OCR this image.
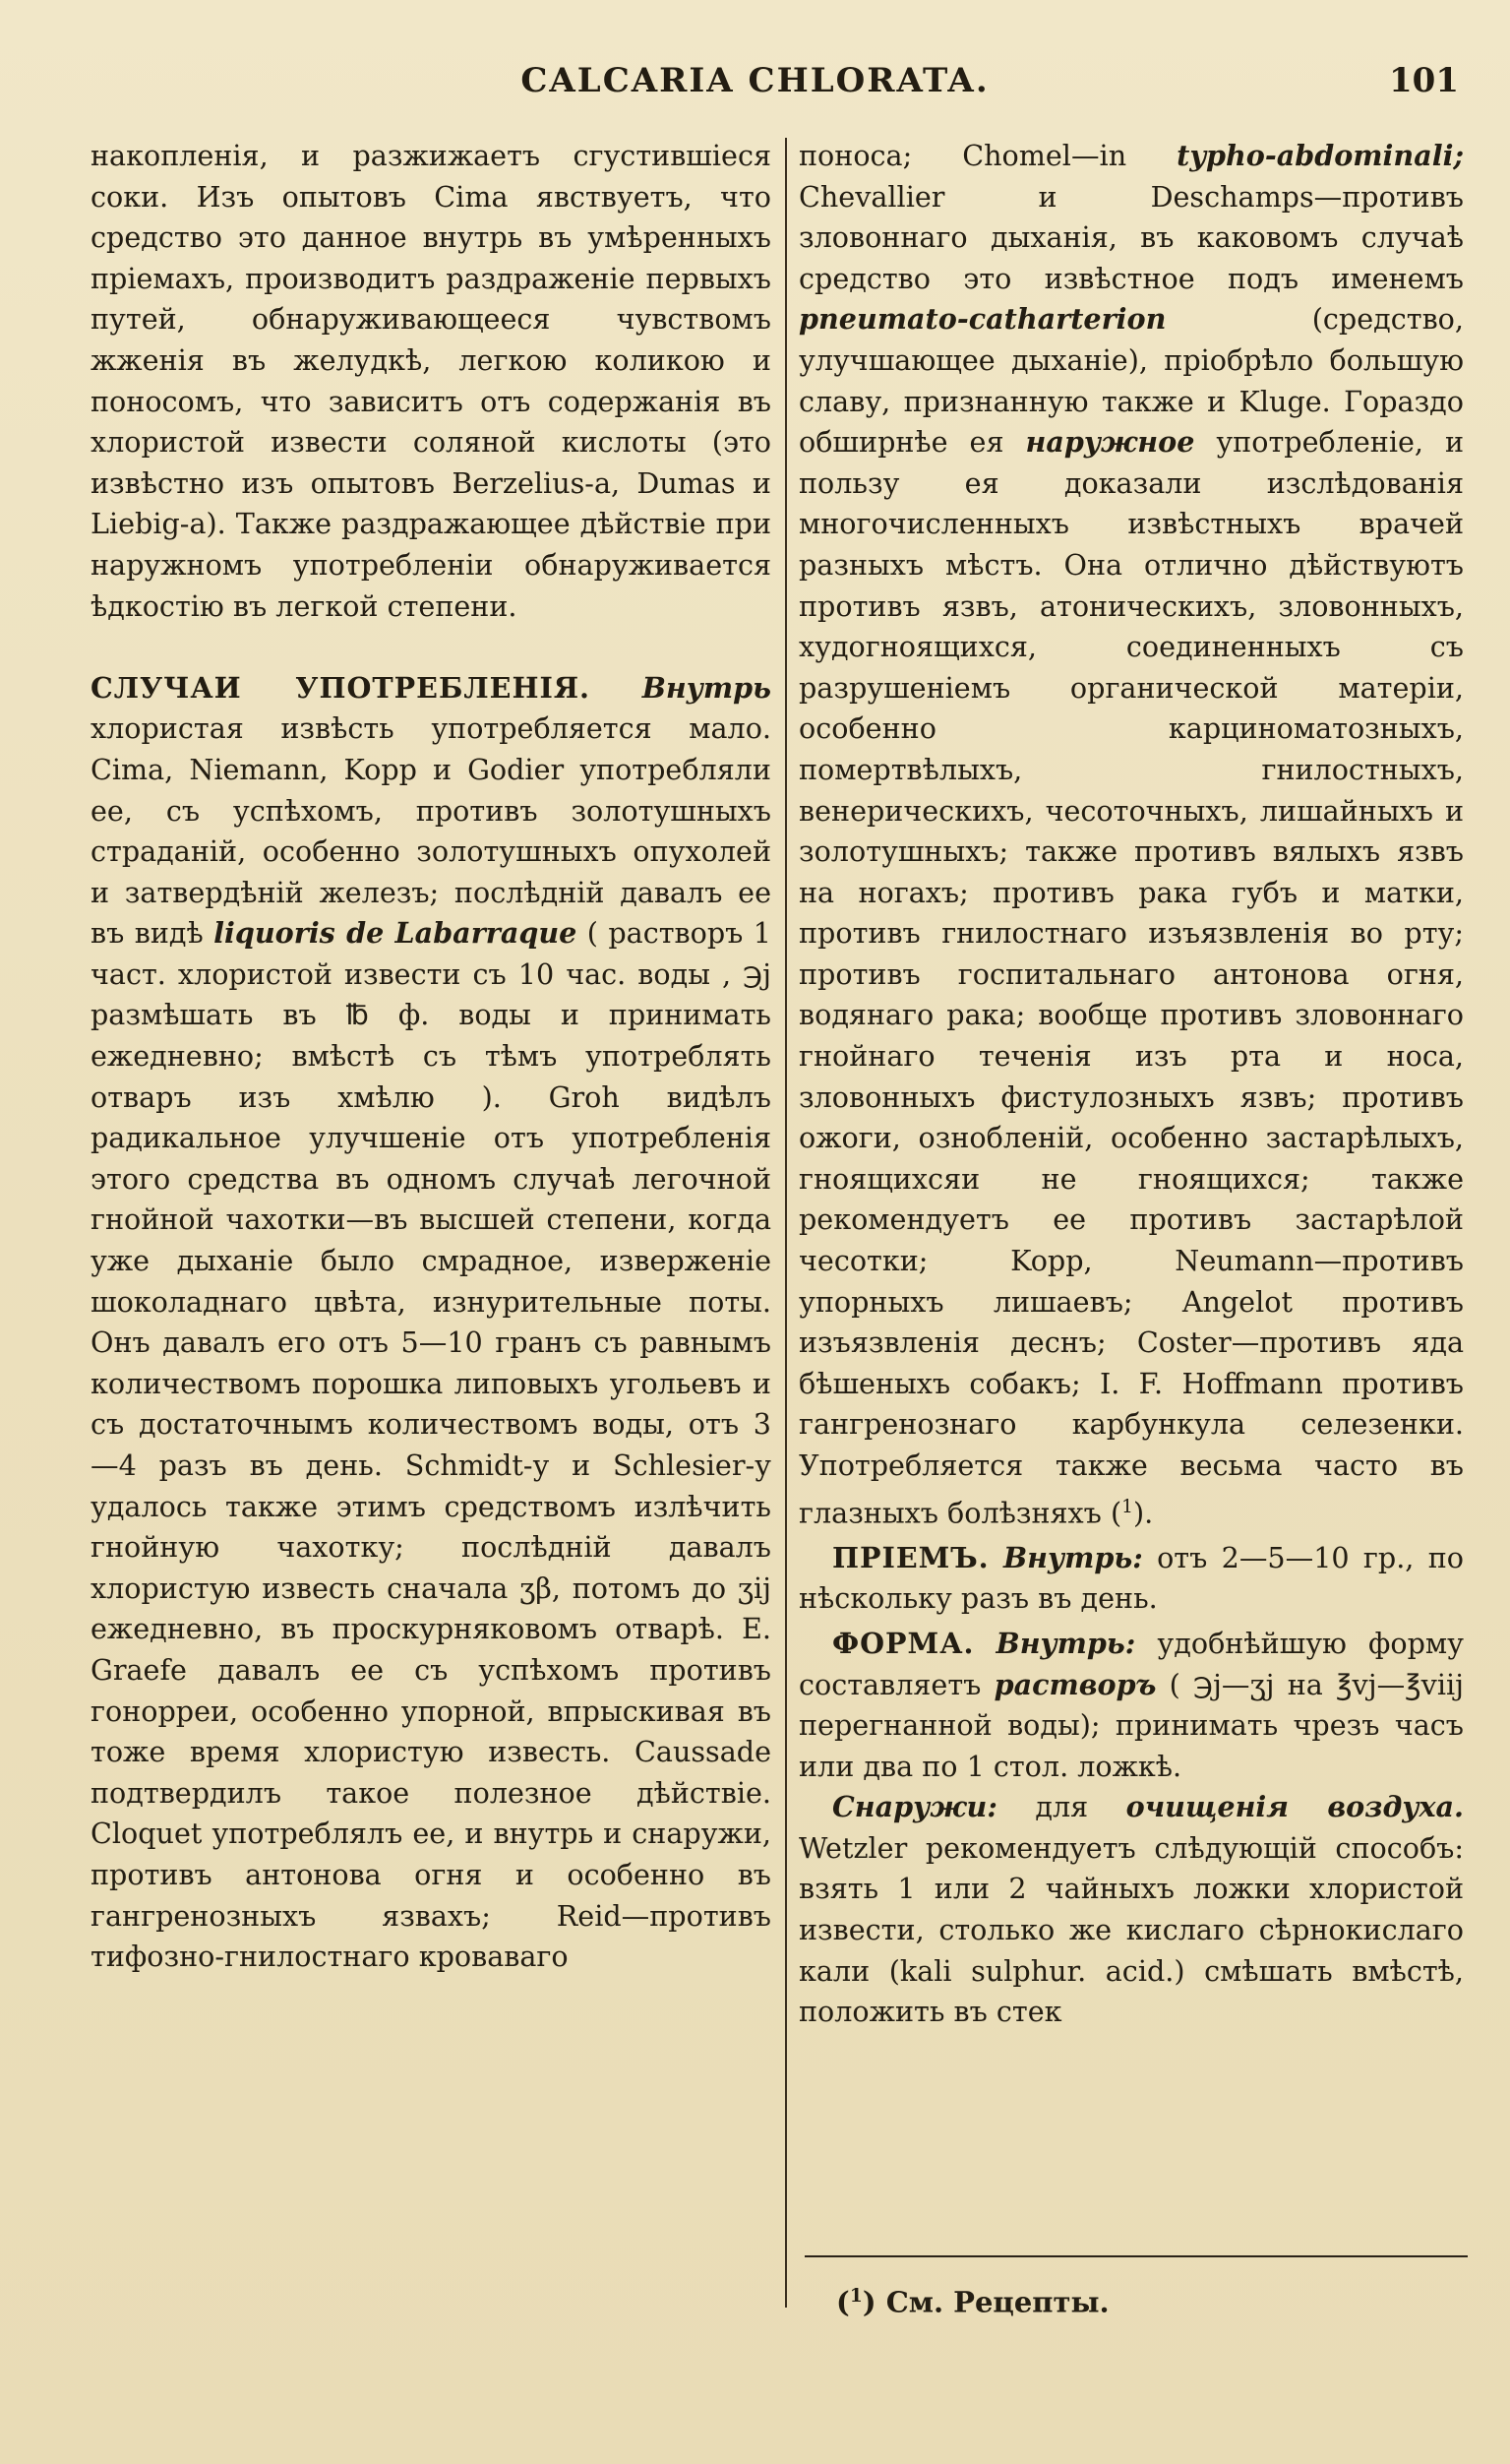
CALCARIA CHLORATA.	101

накопленія, и разжижаетъ сгустившіеся соки. Изъ опытовъ Cima явствуетъ, что средство это данное внутрь въ умѣренныхъ пріемахъ, производитъ раздраженіе первыхъ путей, обнаруживающееся чувствомъ жженія въ желудкѣ, легкою коликою и поносомъ, что зависитъ отъ содержанія въ хлористой извести соляной кислоты (это извѣстно изъ опытовъ Berzelius-а, Dumas и Liebig-а). Также раздражающее дѣйствіе при наружномъ употребленіи обнаруживается ѣдкостію въ легкой степени.

СЛУЧАИ УПОТРЕБЛЕНІЯ. Внутрь хлористая извѣсть употребляется мало. Cima, Niemann, Kopp и Godier употребляли ее, съ успѣхомъ, противъ золотушныхъ страданій, особенно золотушныхъ опухолей и затвердѣній железъ; послѣдній давалъ ее въ видѣ liquoris de Labarraque ( растворъ 1 част. хлористой извести съ 10 час. воды , ℈j размѣшать въ ℔ ф. воды и принимать ежедневно; вмѣстѣ съ тѣмъ употреблять отваръ изъ хмѣлю ). Groh видѣлъ радикальное улучшеніе отъ употребленія этого средства въ одномъ случаѣ легочной гнойной чахотки—въ высшей степени, когда уже дыханіе было смрадное, изверженіе шоколаднаго цвѣта, изнурительные поты. Онъ давалъ его отъ 5—10 гранъ съ равнымъ количествомъ порошка липовыхъ угольевъ и съ достаточнымъ количествомъ воды, отъ 3—4 разъ въ день. Schmidt-у и Schlesier-у удалось также этимъ средствомъ излѣчить гнойную чахотку; послѣдній давалъ хлористую известь сначала ʒβ, потомъ до ʒij ежедневно, въ проскурняковомъ отварѣ. E. Graefe давалъ ее съ успѣхомъ противъ гонорреи, особенно упорной, впрыскивая въ тоже время хлористую известь. Caussade подтвердилъ такое полезное дѣйствіе. Cloquet употреблялъ ее, и внутрь и снаружи, противъ антонова огня и особенно въ гангренозныхъ язвахъ; Reid—противъ тифозно-гнилостнаго кроваваго

поноса; Chomel—in typho-abdominali; Chevallier и Deschamps—противъ зловоннаго дыханія, въ каковомъ случаѣ средство это извѣстное подъ именемъ pneumato-catharterion	(средство, улучшающее дыханіе), пріобрѣло большую славу, признанную также и Kluge. Гораздо обширнѣе ея наружное употребленіе, и пользу ея доказали изслѣдованія многочисленныхъ извѣстныхъ врачей разныхъ мѣстъ. Она отлично дѣйствуютъ противъ язвъ, атоническихъ, зловонныхъ, худогноящихся, соединенныхъ съ разрушеніемъ органической матеріи, особенно карциноматозныхъ, помертвѣлыхъ, гнилостныхъ, венерическихъ, чесоточныхъ, лишайныхъ и золотушныхъ; также противъ вялыхъ язвъ на ногахъ; противъ рака губъ и матки, противъ гнилостнаго изъязвленія во рту; противъ госпитальнаго антонова огня, водянаго рака; вообще противъ зловоннаго гнойнаго теченія изъ рта и носа, зловонныхъ фистулозныхъ язвъ; противъ ожоги, ознобленій, особенно застарѣлыхъ, гноящихсяи не гноящихся; также рекомендуетъ ее противъ застарѣлой чесотки; Kopp, Neumann—противъ упорныхъ лишаевъ; Angelot противъ изъязвленія деснъ; Coster—противъ яда бѣшеныхъ собакъ; I. F. Hoffmann противъ гангренознаго карбункула селезенки. Употребляется также весьма часто въ глазныхъ болѣзняхъ ($^1$).

ПРІЕМЪ. Внутрь: отъ 2—5—10 гр., по нѣскольку разъ въ день.

ФОРМА. Внутрь: удобнѣйшую форму составляетъ растворъ ( ℈j—ʒj на ℥vj—℥viij перегнанной воды); принимать чрезъ часъ или два по 1 стол. ложкѣ.

Снаружи: для очищенія воздуха. Wetzler рекомендуетъ слѣдующій способъ: взять 1 или 2 чайныхъ ложки хлористой извести, столько же кислаго сѣрнокислаго кали (kali sulphur. acid.) смѣшать вмѣстѣ, положить въ стек

($^1$) См. Рецепты.
